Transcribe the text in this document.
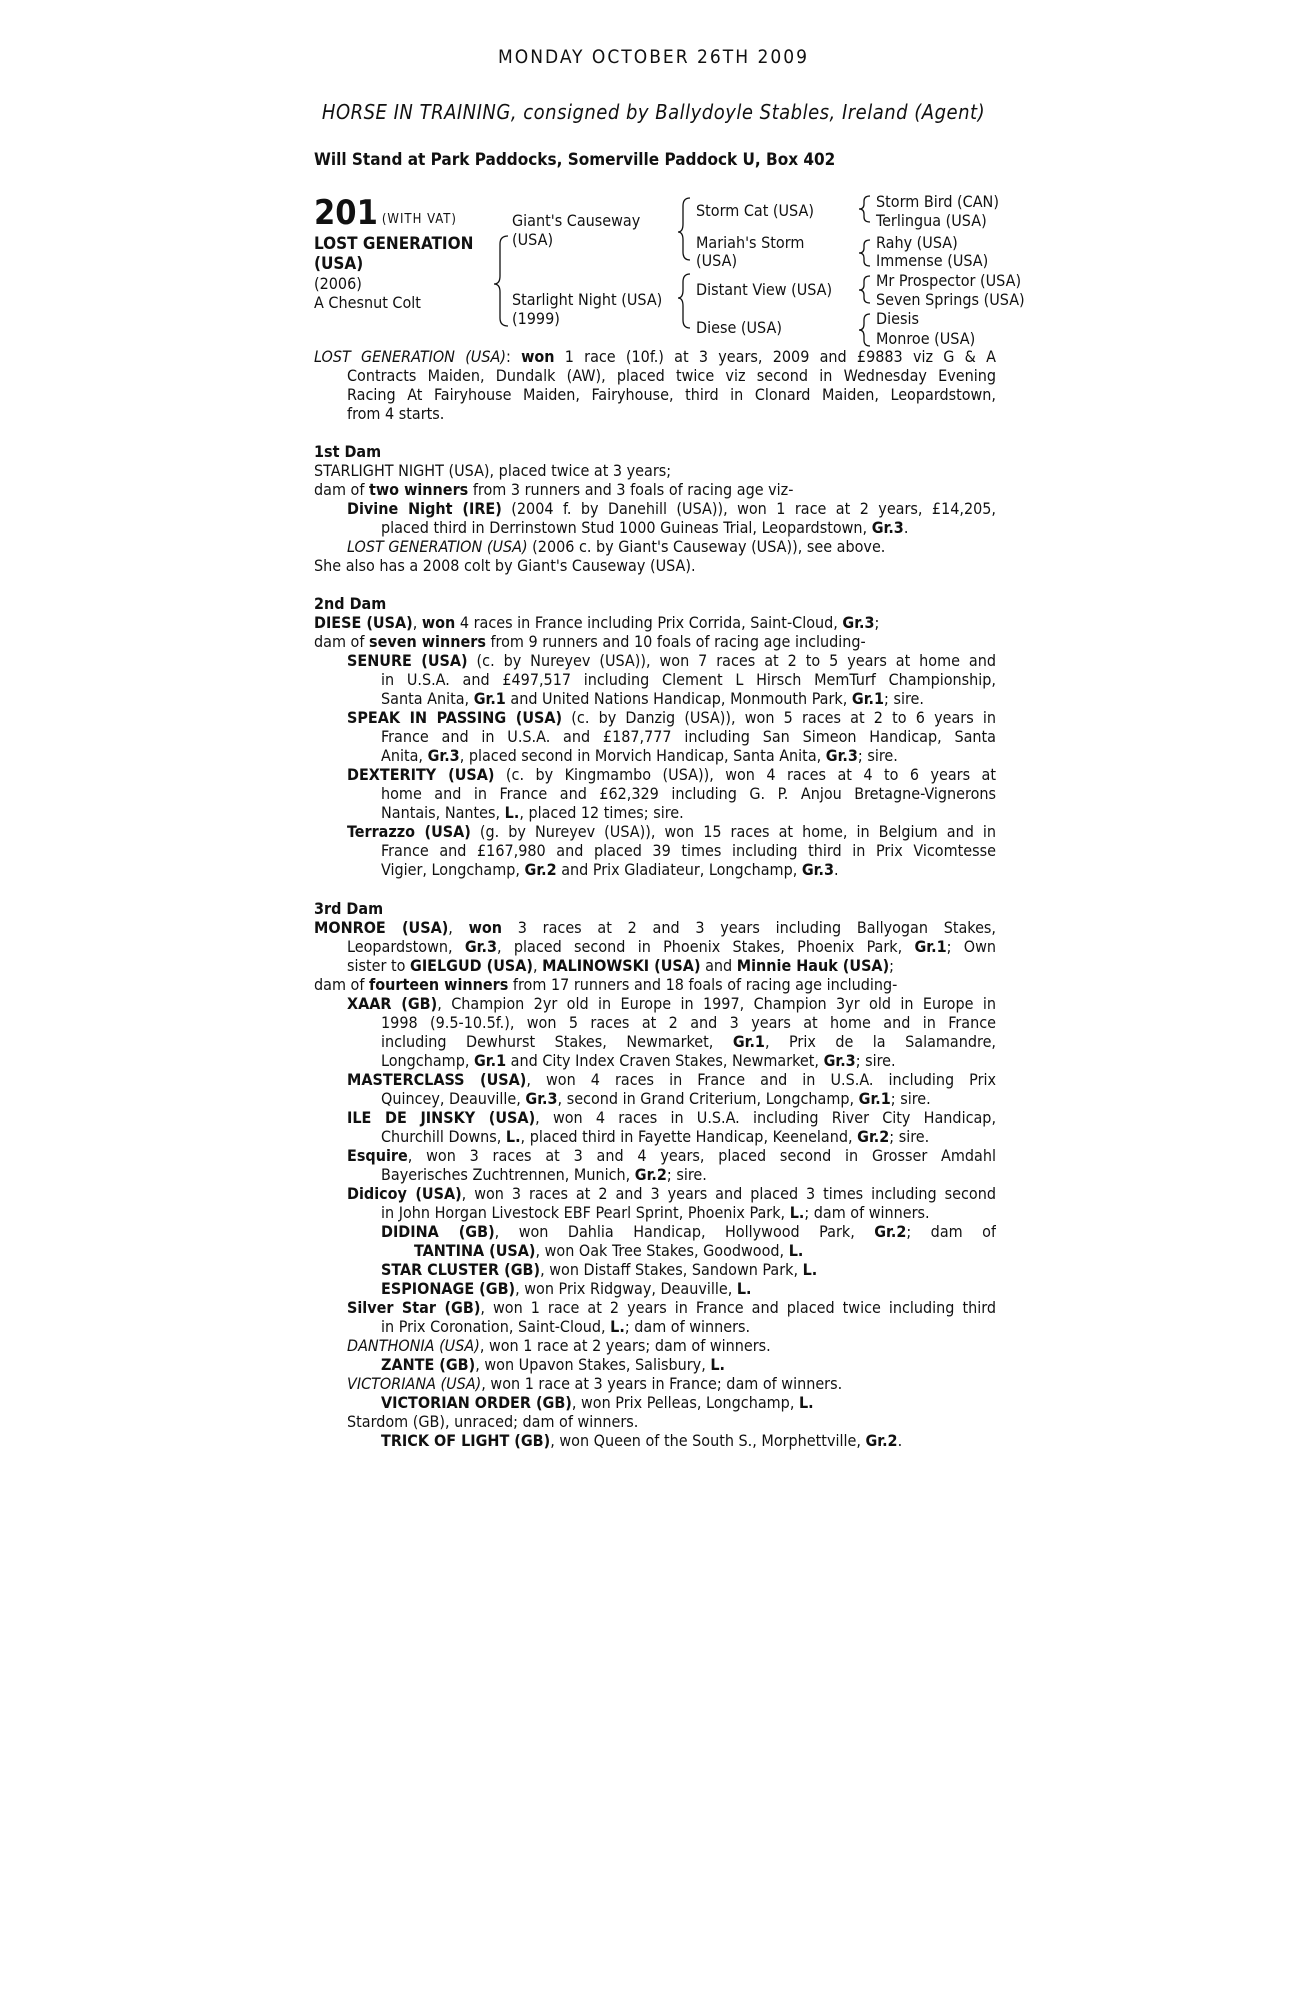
MONDAY OCTOBER 26TH 2009
HORSE IN TRAINING, consigned by Ballydoyle Stables, Ireland (Agent)
Will Stand at Park Paddocks, Somerville Paddock U, Box 402
201 (WITH VAT)
LOST GENERATION
(USA)
(2006)
A Chesnut Colt
Giant's Causeway
(USA)
Starlight Night (USA)
(1999)
Storm Cat (USA)
Mariah's Storm
(USA)
Distant View (USA)
Diese (USA)
Storm Bird (CAN)
Terlingua (USA)
Rahy (USA)
Immense (USA)
Mr Prospector (USA)
Seven Springs (USA)
Diesis
Monroe (USA)
LOST GENERATION (USA): won 1 race (10f.) at 3 years, 2009 and £9883 viz G & A
Contracts Maiden, Dundalk (AW), placed twice viz second in Wednesday Evening
Racing At Fairyhouse Maiden, Fairyhouse, third in Clonard Maiden, Leopardstown,
from 4 starts.
1st Dam
STARLIGHT NIGHT (USA), placed twice at 3 years;
dam of two winners from 3 runners and 3 foals of racing age viz-
Divine Night (IRE) (2004 f. by Danehill (USA)), won 1 race at 2 years, £14,205,
placed third in Derrinstown Stud 1000 Guineas Trial, Leopardstown, Gr.3.
LOST GENERATION (USA) (2006 c. by Giant's Causeway (USA)), see above.
She also has a 2008 colt by Giant's Causeway (USA).
2nd Dam
DIESE (USA), won 4 races in France including Prix Corrida, Saint-Cloud, Gr.3;
dam of seven winners from 9 runners and 10 foals of racing age including-
SENURE (USA) (c. by Nureyev (USA)), won 7 races at 2 to 5 years at home and
in U.S.A. and £497,517 including Clement L Hirsch MemTurf Championship,
Santa Anita, Gr.1 and United Nations Handicap, Monmouth Park, Gr.1; sire.
SPEAK IN PASSING (USA) (c. by Danzig (USA)), won 5 races at 2 to 6 years in
France and in U.S.A. and £187,777 including San Simeon Handicap, Santa
Anita, Gr.3, placed second in Morvich Handicap, Santa Anita, Gr.3; sire.
DEXTERITY (USA) (c. by Kingmambo (USA)), won 4 races at 4 to 6 years at
home and in France and £62,329 including G. P. Anjou Bretagne-Vignerons
Nantais, Nantes, L., placed 12 times; sire.
Terrazzo (USA) (g. by Nureyev (USA)), won 15 races at home, in Belgium and in
France and £167,980 and placed 39 times including third in Prix Vicomtesse
Vigier, Longchamp, Gr.2 and Prix Gladiateur, Longchamp, Gr.3.
3rd Dam
MONROE (USA), won 3 races at 2 and 3 years including Ballyogan Stakes,
Leopardstown, Gr.3, placed second in Phoenix Stakes, Phoenix Park, Gr.1; Own
sister to GIELGUD (USA), MALINOWSKI (USA) and Minnie Hauk (USA);
dam of fourteen winners from 17 runners and 18 foals of racing age including-
XAAR (GB), Champion 2yr old in Europe in 1997, Champion 3yr old in Europe in
1998 (9.5-10.5f.), won 5 races at 2 and 3 years at home and in France
including Dewhurst Stakes, Newmarket, Gr.1, Prix de la Salamandre,
Longchamp, Gr.1 and City Index Craven Stakes, Newmarket, Gr.3; sire.
MASTERCLASS (USA), won 4 races in France and in U.S.A. including Prix
Quincey, Deauville, Gr.3, second in Grand Criterium, Longchamp, Gr.1; sire.
ILE DE JINSKY (USA), won 4 races in U.S.A. including River City Handicap,
Churchill Downs, L., placed third in Fayette Handicap, Keeneland, Gr.2; sire.
Esquire, won 3 races at 3 and 4 years, placed second in Grosser Amdahl
Bayerisches Zuchtrennen, Munich, Gr.2; sire.
Didicoy (USA), won 3 races at 2 and 3 years and placed 3 times including second
in John Horgan Livestock EBF Pearl Sprint, Phoenix Park, L.; dam of winners.
DIDINA (GB), won Dahlia Handicap, Hollywood Park, Gr.2; dam of
TANTINA (USA), won Oak Tree Stakes, Goodwood, L.
STAR CLUSTER (GB), won Distaff Stakes, Sandown Park, L.
ESPIONAGE (GB), won Prix Ridgway, Deauville, L.
Silver Star (GB), won 1 race at 2 years in France and placed twice including third
in Prix Coronation, Saint-Cloud, L.; dam of winners.
DANTHONIA (USA), won 1 race at 2 years; dam of winners.
ZANTE (GB), won Upavon Stakes, Salisbury, L.
VICTORIANA (USA), won 1 race at 3 years in France; dam of winners.
VICTORIAN ORDER (GB), won Prix Pelleas, Longchamp, L.
Stardom (GB), unraced; dam of winners.
TRICK OF LIGHT (GB), won Queen of the South S., Morphettville, Gr.2.
